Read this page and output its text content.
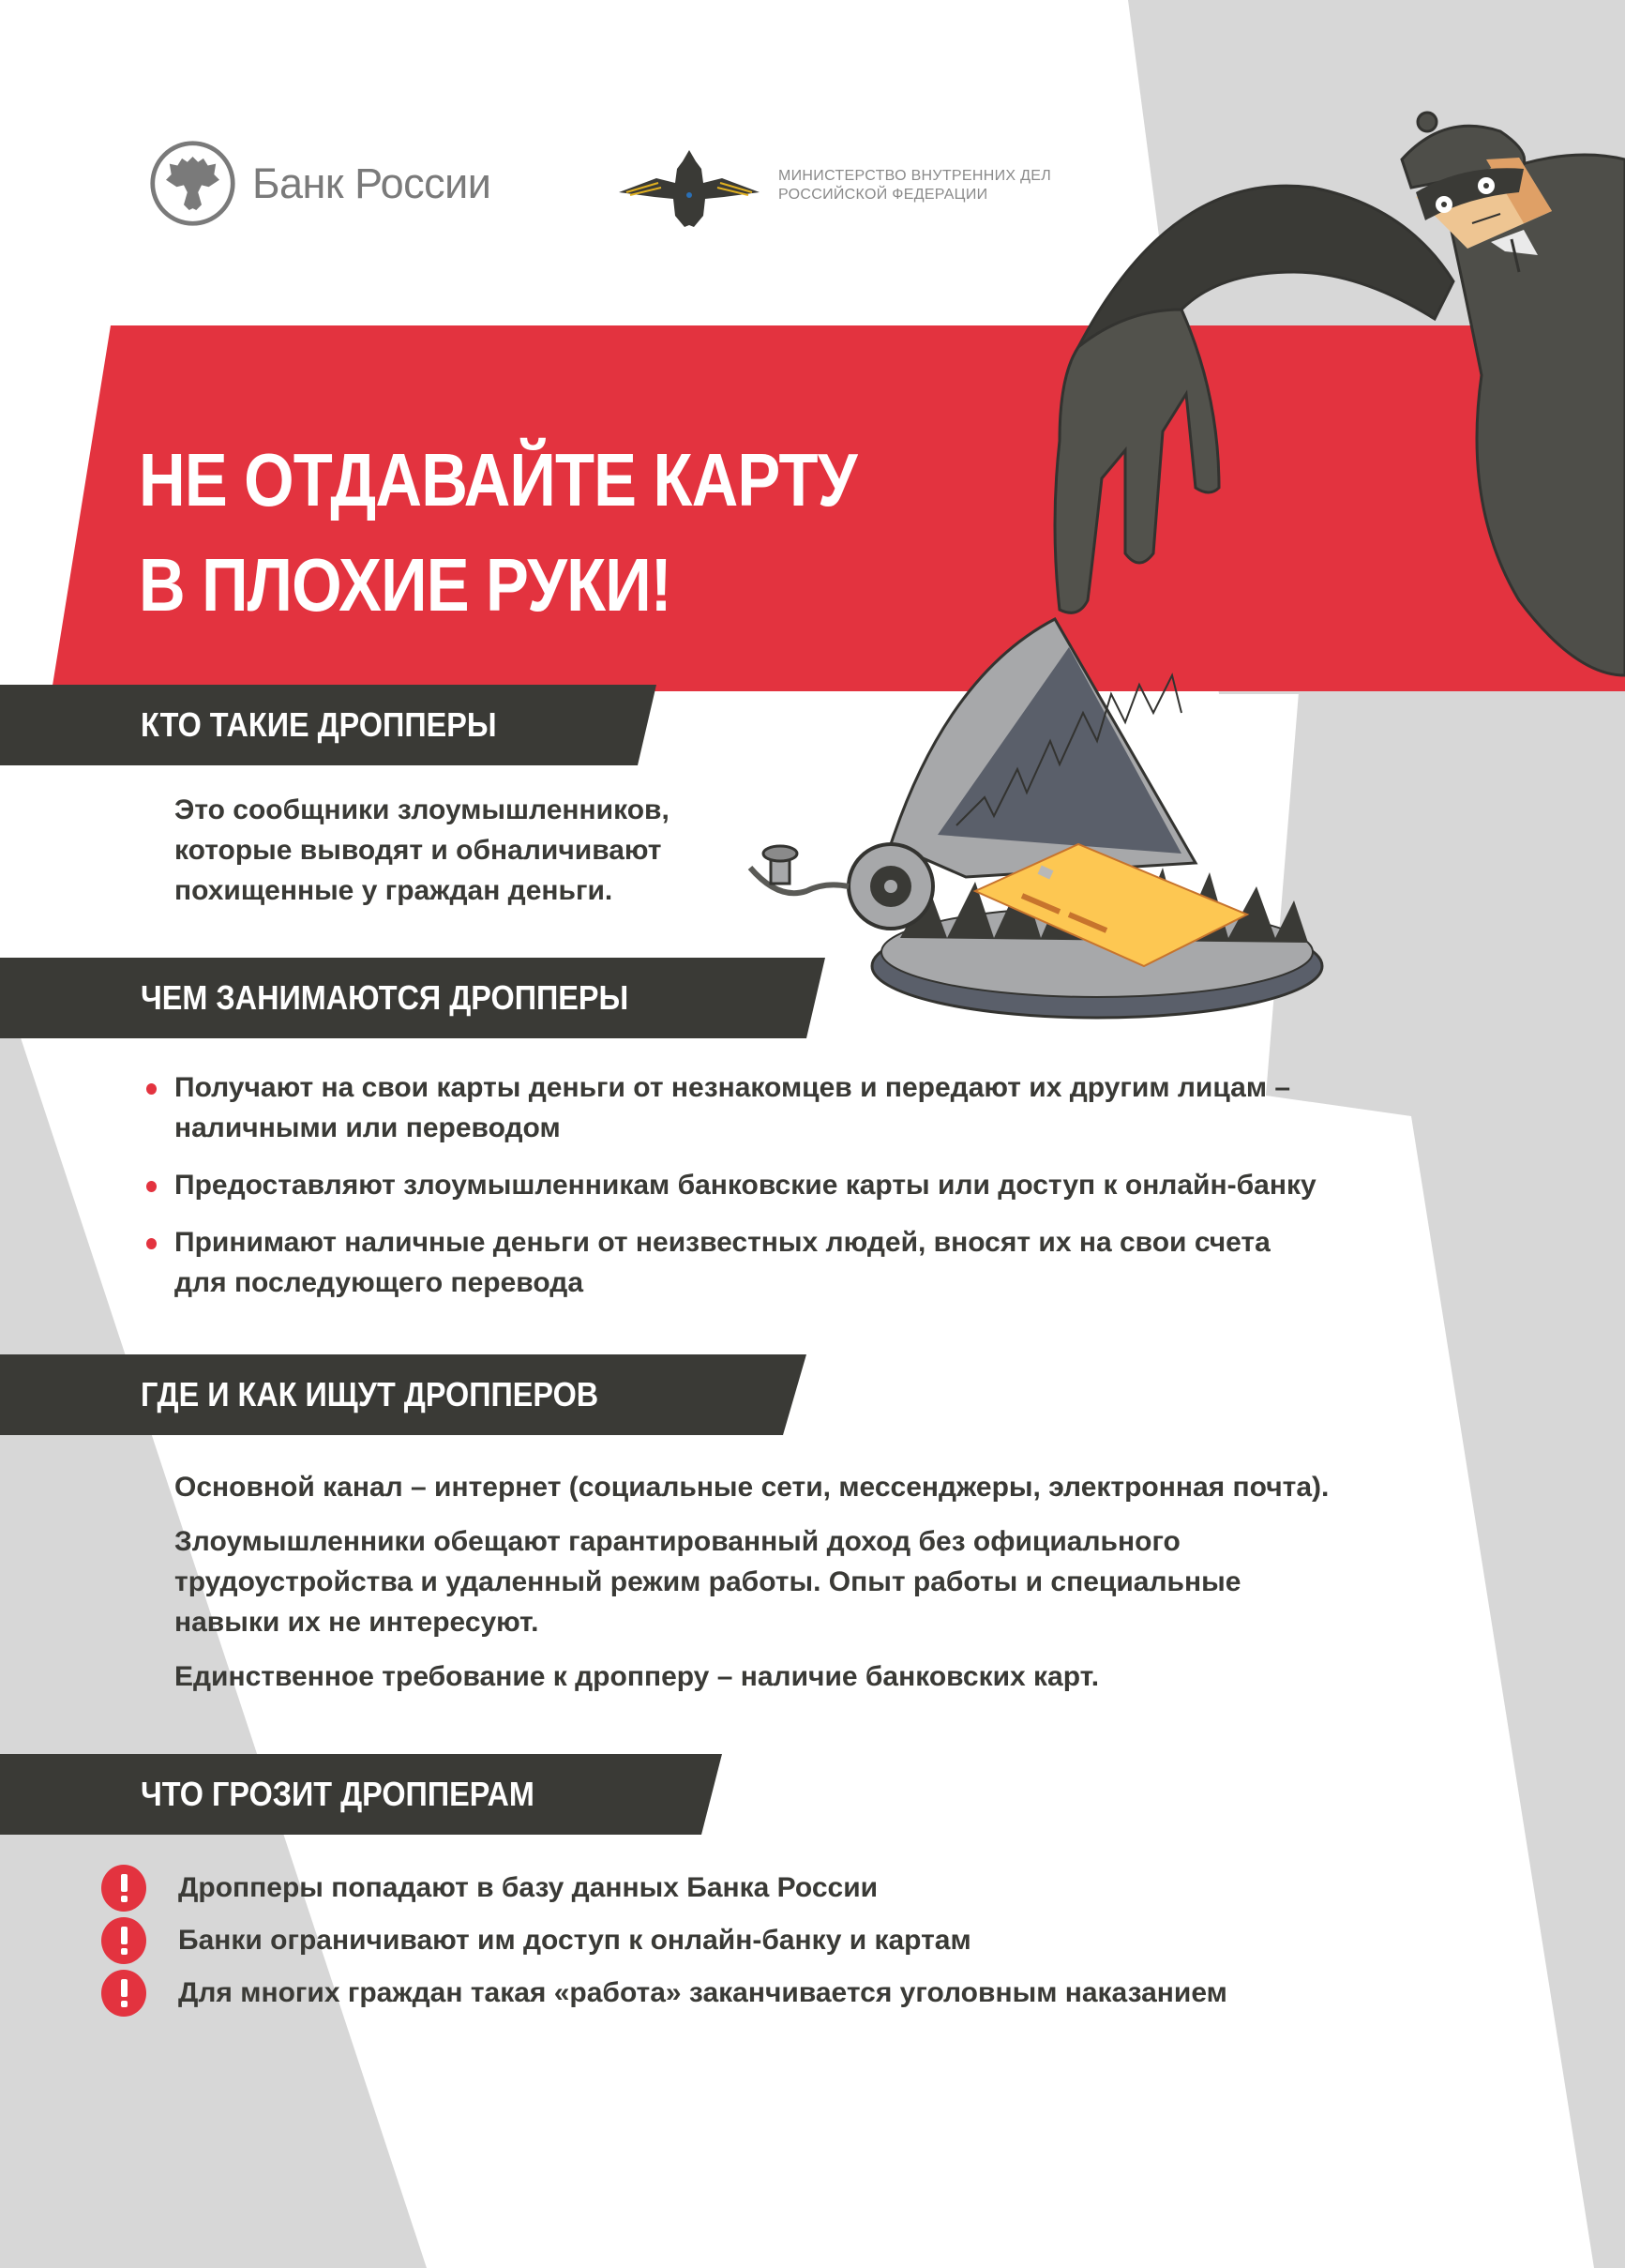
Банк России	МИНИСТЕРСТВО ВНУТРЕННИХ ДЕЛ
РОССИЙСКОЙ ФЕДЕРАЦИИ
НЕ ОТДАВАЙТЕ КАРТУ
В ПЛОХИЕ РУКИ!
КТО ТАКИЕ ДРОППЕРЫ
Это сообщники злоумышленников,
которые выводят и обналичивают
похищенные у граждан деньги.
ЧЕМ ЗАНИМАЮТСЯ ДРОППЕРЫ
Получают на свои карты деньги от незнакомцев и передают их другим лицам –
наличными или переводом
Предоставляют злоумышленникам банковские карты или доступ к онлайн-банку
Принимают наличные деньги от неизвестных людей, вносят их на свои счета
для последующего перевода
ГДЕ И КАК ИЩУТ ДРОППЕРОВ
Основной канал – интернет (социальные сети, мессенджеры, электронная почта).
Злоумышленники обещают гарантированный доход без официального
трудоустройства и удаленный режим работы. Опыт работы и специальные
навыки их не интересуют.
Единственное требование к дропперу – наличие банковских карт.
ЧТО ГРОЗИТ ДРОППЕРАМ
Дропперы попадают в базу данных Банка России
Банки ограничивают им доступ к онлайн-банку и картам
Для многих граждан такая «работа» заканчивается уголовным наказанием
